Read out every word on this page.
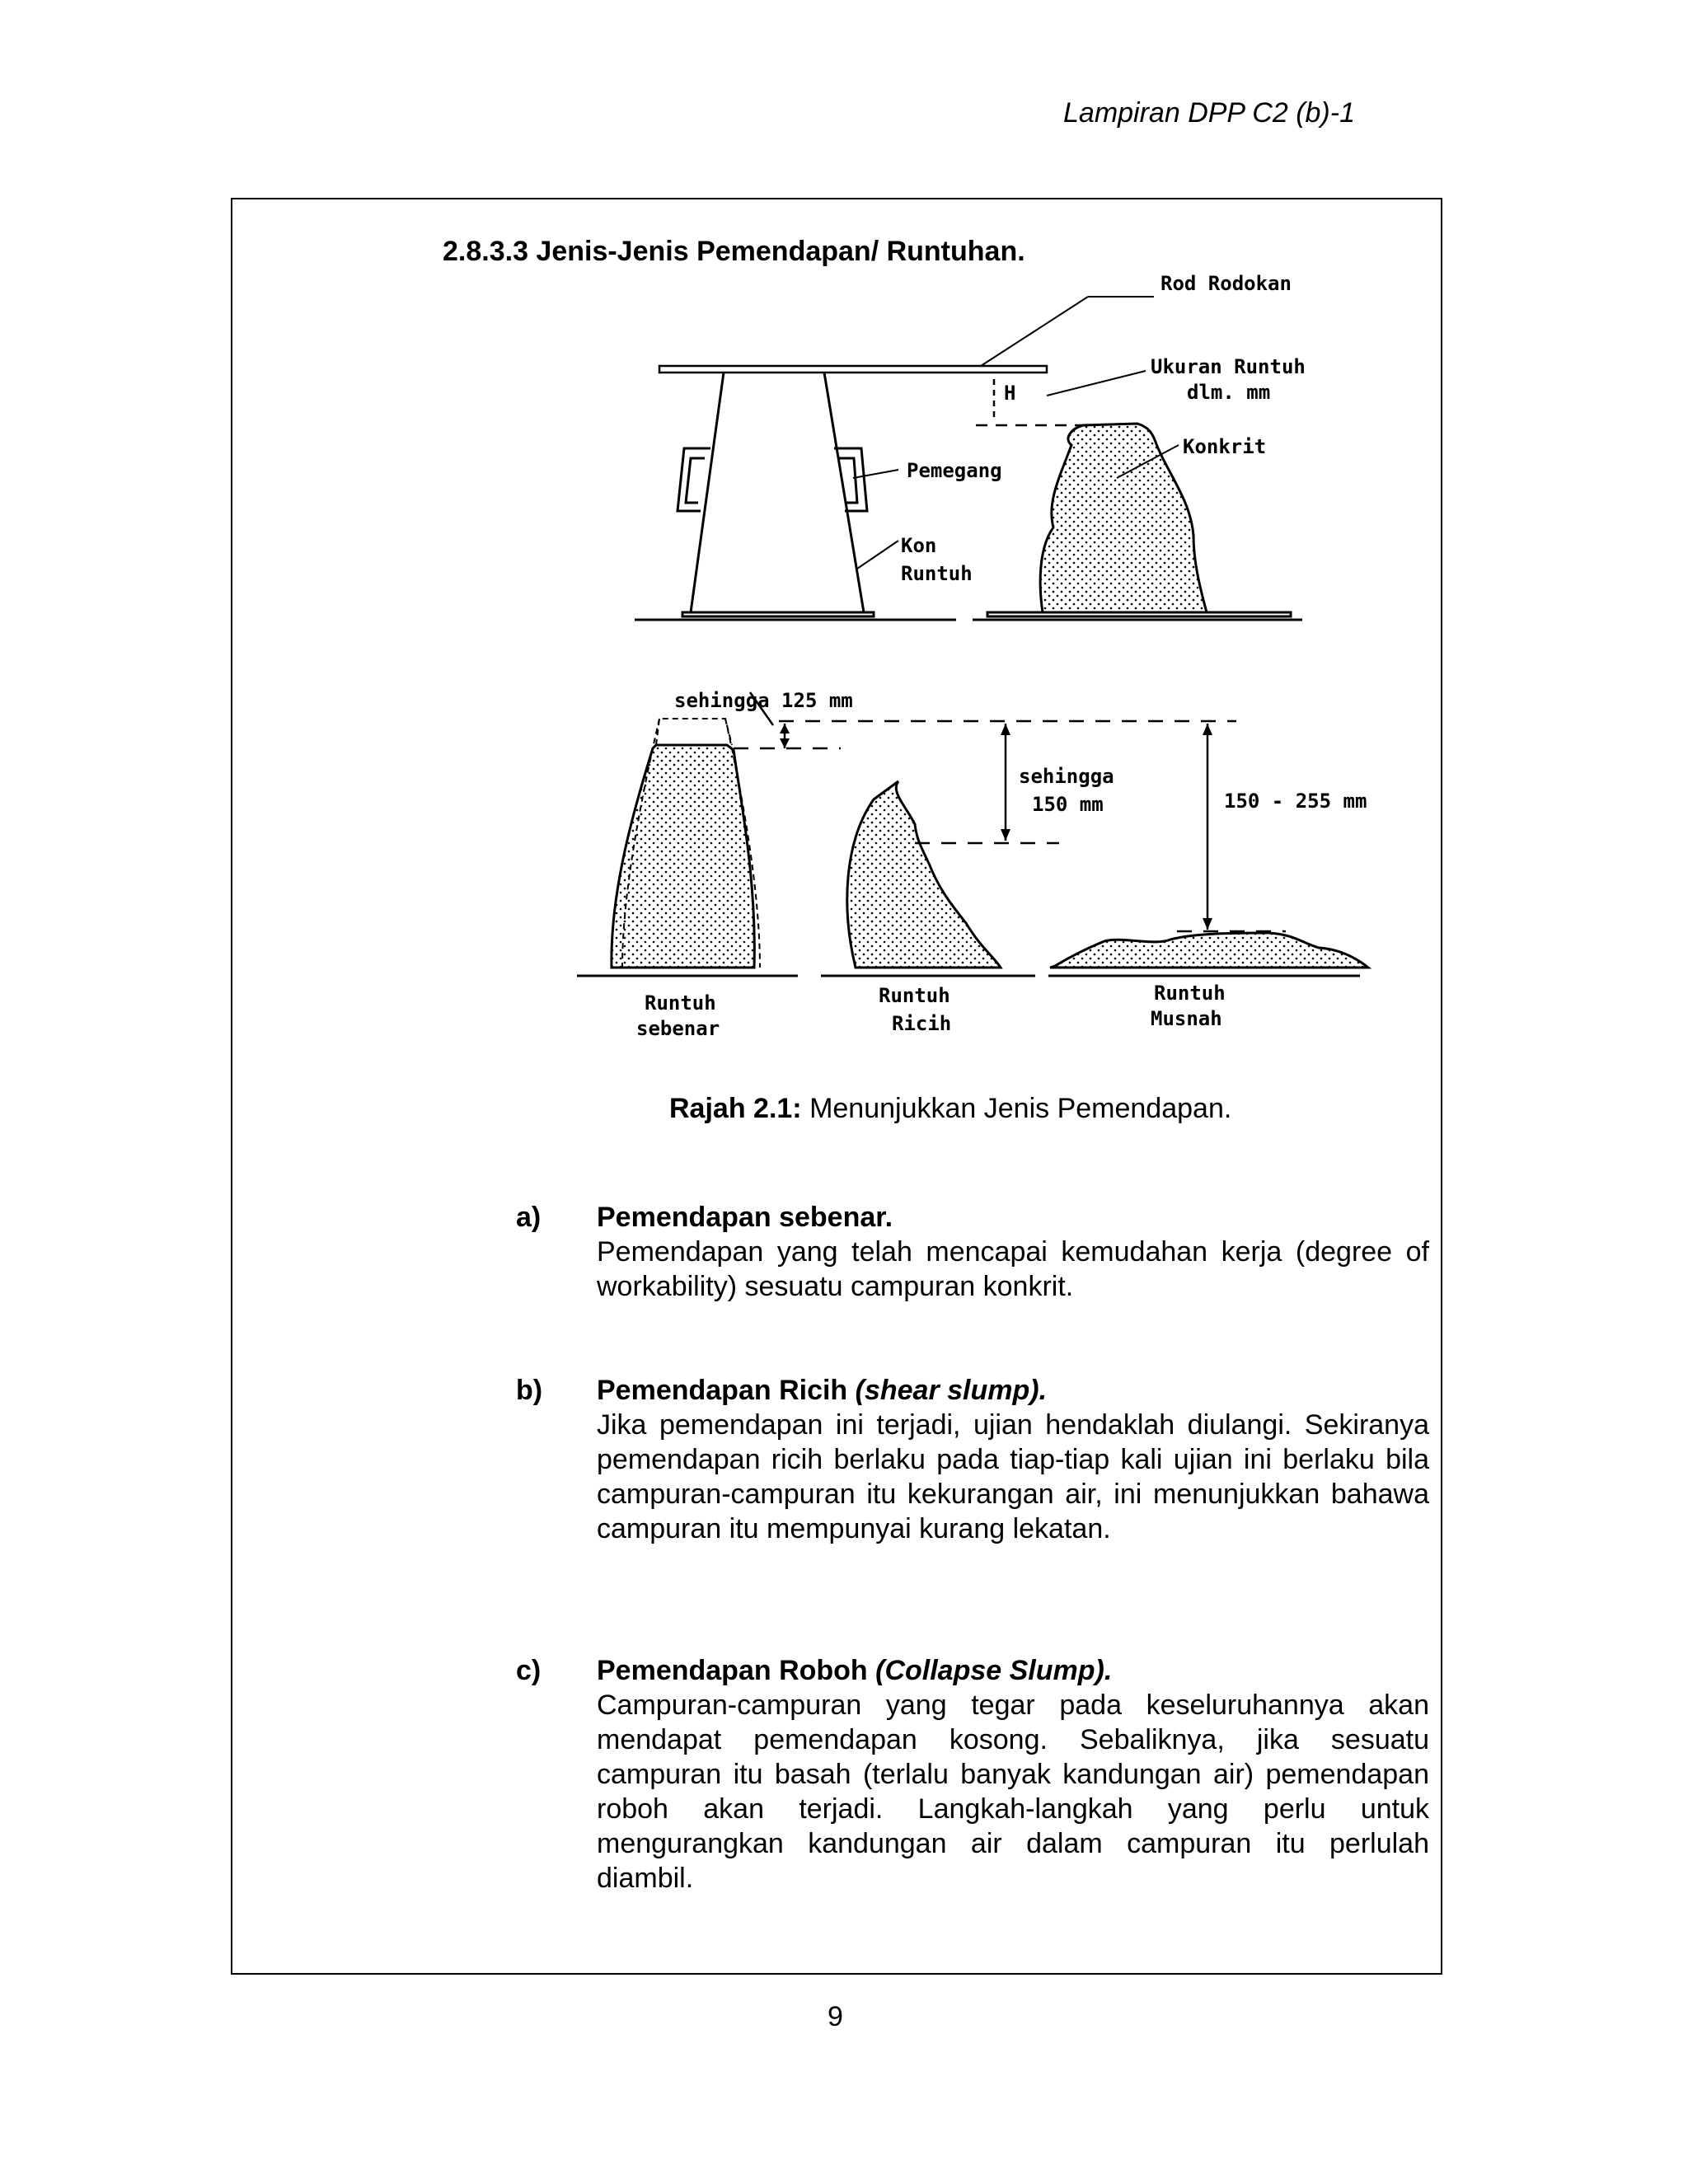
Lampiran DPP C2 (b)-1
2.8.3.3 Jenis-Jenis Pemendapan/ Runtuhan.
Rod Rodokan
Ukuran Runtuh
dlm. mm
H
Konkrit
Pemegang
Kon
Runtuh
sehingga 125 mm
sehingga
150 mm	150 - 255 mm
Runtuh
sebenar
Runtuh
Ricih
Runtuh
Musnah
Rajah 2.1: Menunjukkan Jenis Pemendapan.
a) Pemendapan sebenar.
Pemendapan yang telah mencapai kemudahan kerja (degree of workability) sesuatu campuran konkrit.
b) Pemendapan Ricih (shear slump).
Jika pemendapan ini terjadi, ujian hendaklah diulangi. Sekiranya pemendapan ricih berlaku pada tiap-tiap kali ujian ini berlaku bila campuran-campuran itu kekurangan air, ini menunjukkan bahawa campuran itu mempunyai kurang lekatan.
c) Pemendapan Roboh (Collapse Slump).
Campuran-campuran yang tegar pada keseluruhannya akan mendapat pemendapan kosong. Sebaliknya, jika sesuatu campuran itu basah (terlalu banyak kandungan air) pemendapan roboh akan terjadi. Langkah-langkah yang perlu untuk mengurangkan kandungan air dalam campuran itu perlulah diambil.
9
